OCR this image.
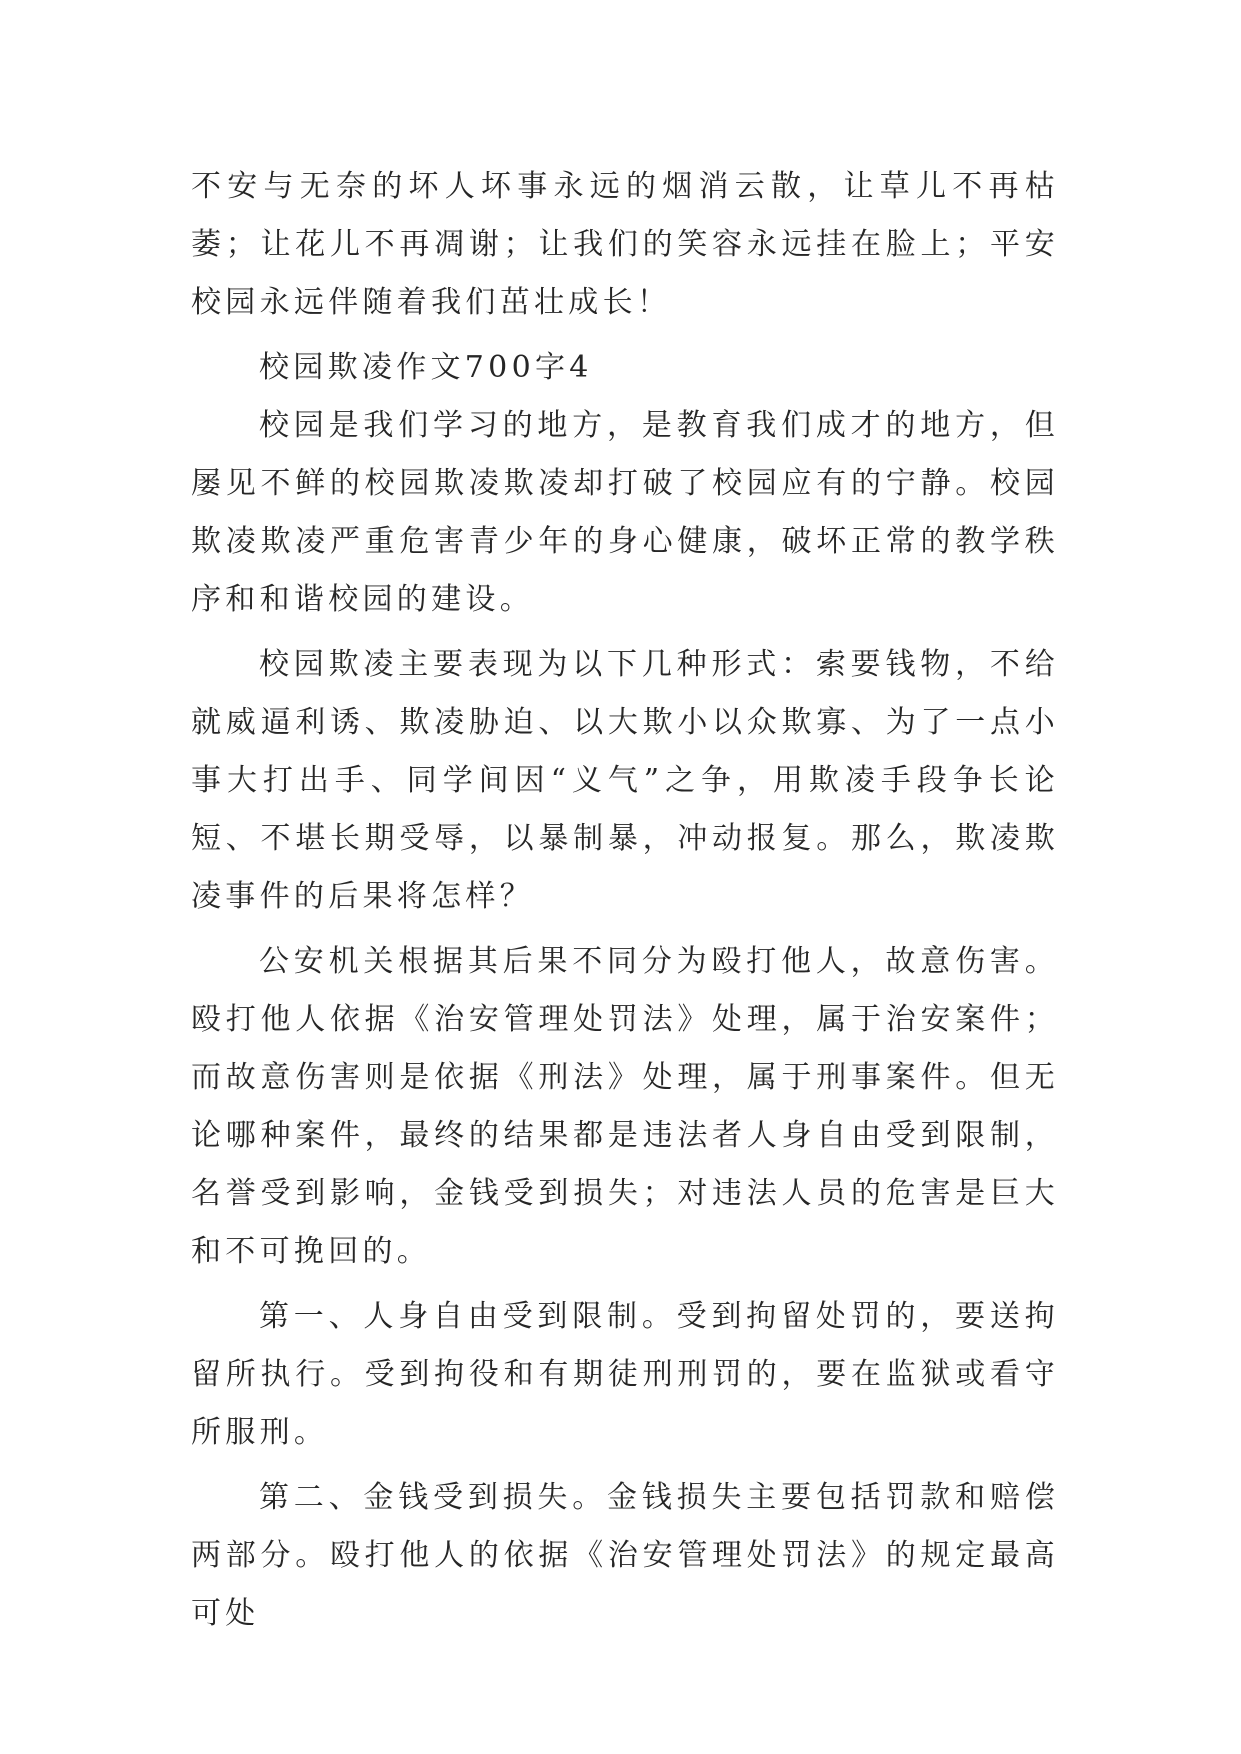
不安与无奈的坏人坏事永远的烟消云散，让草儿不再枯萎；让花儿不再凋谢；让我们的笑容永远挂在脸上；平安校园永远伴随着我们茁壮成长！

校园欺凌作文700字4

校园是我们学习的地方，是教育我们成才的地方，但屡见不鲜的校园欺凌欺凌却打破了校园应有的宁静。校园欺凌欺凌严重危害青少年的身心健康，破坏正常的教学秩序和和谐校园的建设。

校园欺凌主要表现为以下几种形式：索要钱物，不给就威逼利诱、欺凌胁迫、以大欺小以众欺寡、为了一点小事大打出手、同学间因“义气”之争，用欺凌手段争长论短、不堪长期受辱，以暴制暴，冲动报复。那么，欺凌欺凌事件的后果将怎样？

公安机关根据其后果不同分为殴打他人，故意伤害。殴打他人依据《治安管理处罚法》处理，属于治安案件；而故意伤害则是依据《刑法》处理，属于刑事案件。但无论哪种案件，最终的结果都是违法者人身自由受到限制，名誉受到影响，金钱受到损失；对违法人员的危害是巨大和不可挽回的。

第一、人身自由受到限制。受到拘留处罚的，要送拘留所执行。受到拘役和有期徒刑刑罚的，要在监狱或看守所服刑。

第二、金钱受到损失。金钱损失主要包括罚款和赔偿两部分。殴打他人的依据《治安管理处罚法》的规定最高可处
